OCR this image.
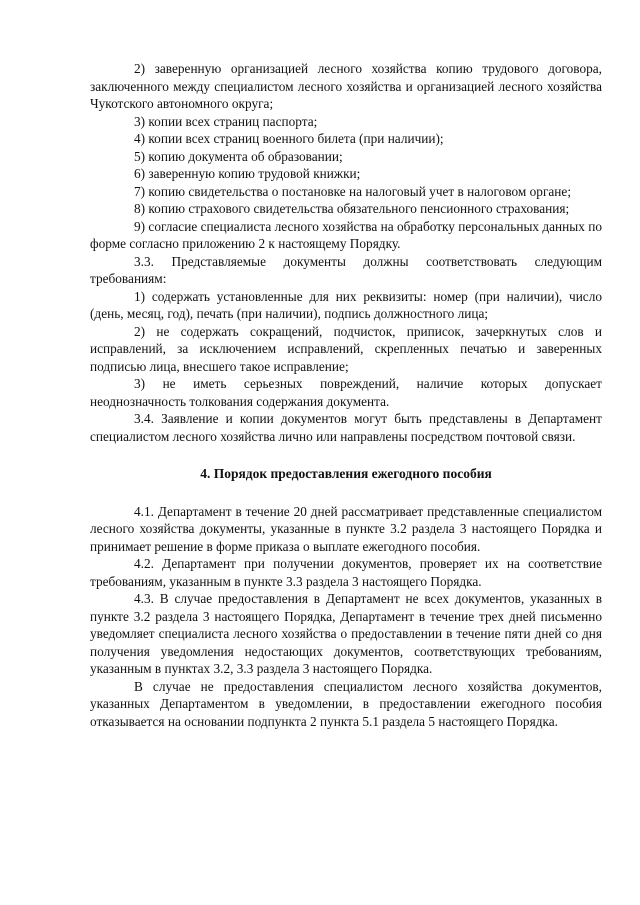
2) заверенную организацией лесного хозяйства копию трудового договора, заключенного между специалистом лесного хозяйства и организацией лесного хозяйства Чукотского автономного округа;

3) копии всех страниц паспорта;

4) копии всех страниц военного билета (при наличии);

5) копию документа об образовании;

6) заверенную копию трудовой книжки;

7) копию свидетельства о постановке на налоговый учет в налоговом органе;

8) копию страхового свидетельства обязательного пенсионного страхования;

9) согласие специалиста лесного хозяйства на обработку персональных данных по форме согласно приложению 2 к настоящему Порядку.

3.3. Представляемые документы должны соответствовать следующим требованиям:

1) содержать установленные для них реквизиты: номер (при наличии), число (день, месяц, год), печать (при наличии), подпись должностного лица;

2) не содержать сокращений, подчисток, приписок, зачеркнутых слов и исправлений, за исключением исправлений, скрепленных печатью и заверенных подписью лица, внесшего такое исправление;

3) не иметь серьезных повреждений, наличие которых допускает неоднозначность толкования содержания документа.

3.4. Заявление и копии документов могут быть представлены в Департамент специалистом лесного хозяйства лично или направлены посредством почтовой связи.

4. Порядок предоставления ежегодного пособия

4.1. Департамент в течение 20 дней рассматривает представленные специалистом лесного хозяйства документы, указанные в пункте 3.2 раздела 3 настоящего Порядка и принимает решение в форме приказа о выплате ежегодного пособия.

4.2. Департамент при получении документов, проверяет их на соответствие требованиям, указанным в пункте 3.3 раздела 3 настоящего Порядка.

4.3. В случае предоставления в Департамент не всех документов, указанных в пункте 3.2 раздела 3 настоящего Порядка, Департамент в течение трех дней письменно уведомляет специалиста лесного хозяйства о предоставлении в течение пяти дней со дня получения уведомления недостающих документов, соответствующих требованиям, указанным в пунктах 3.2, 3.3 раздела 3 настоящего Порядка.

В случае не предоставления специалистом лесного хозяйства документов, указанных Департаментом в уведомлении, в предоставлении ежегодного пособия отказывается на основании подпункта 2 пункта 5.1 раздела 5 настоящего Порядка.
